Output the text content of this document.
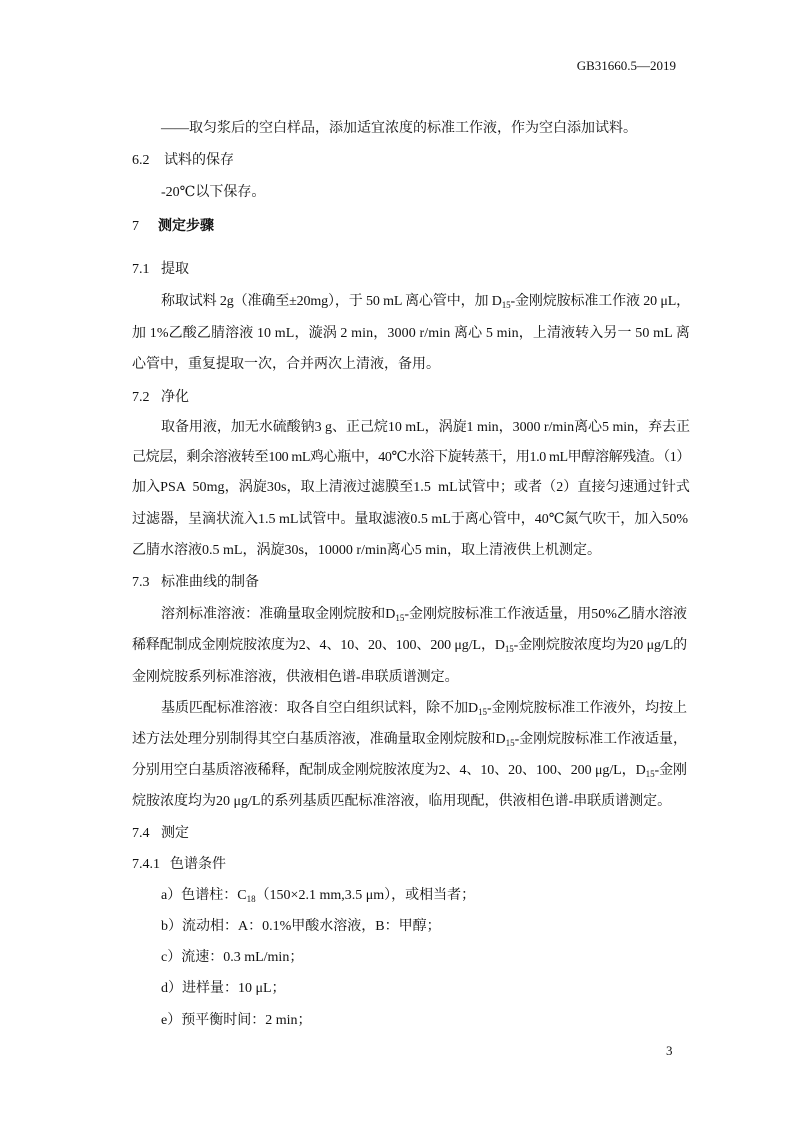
GB31660.5—2019

——取匀浆后的空白样品，添加适宜浓度的标准工作液，作为空白添加试料。

6.2 试料的保存

-20℃以下保存。

7 测定步骤

7.1 提取

称取试料 2g（准确至±20mg），于 50 mL 离心管中，加 $D_{15}-$金刚烷胺标准工作液 20 μL，

加 1%乙酸乙腈溶液 10 mL，漩涡 2 min，3000 r/min 离心 5 min，上清液转入另一 50 mL 离

心管中，重复提取一次，合并两次上清液，备用。

7.2 净化

取备用液，加无水硫酸钠3 g、正己烷10 mL，涡旋1 min，3000 r/min离心5 min，弃去正

己烷层，剩余溶液转至100 mL鸡心瓶中，40℃水浴下旋转蒸干，用1.0 mL甲醇溶解残渣。（1）

加入PSA  50mg，涡旋30s，取上清液过滤膜至1.5  mL试管中；或者（2）直接匀速通过针式

过滤器，呈滴状流入1.5 mL试管中。量取滤液0.5 mL于离心管中，40℃氮气吹干，加入50%

乙腈水溶液0.5 mL，涡旋30s，10000 r/min离心5 min，取上清液供上机测定。

7.3 标准曲线的制备

溶剂标准溶液：准确量取金刚烷胺和$D_{15}-$金刚烷胺标准工作液适量，用50%乙腈水溶液

稀释配制成金刚烷胺浓度为2、4、10、20、100、200 μg/L，$D_{15}-$金刚烷胺浓度均为20 μg/L的

金刚烷胺系列标准溶液，供液相色谱-串联质谱测定。

基质匹配标准溶液：取各自空白组织试料，除不加$D_{15}-$金刚烷胺标准工作液外，均按上

述方法处理分别制得其空白基质溶液，准确量取金刚烷胺和$D_{15}-$金刚烷胺标准工作液适量，

分别用空白基质溶液稀释，配制成金刚烷胺浓度为2、4、10、20、100、200 μg/L，$D_{15}-$金刚

烷胺浓度均为20 μg/L的系列基质匹配标准溶液，临用现配，供液相色谱-串联质谱测定。

7.4 测定

7.4.1 色谱条件

a）色谱柱：$C_{18}(150\times 2.1$ mm,3.5 μm），或相当者；

b）流动相：A：0.1%甲酸水溶液，B：甲醇；

c）流速：0.3 mL/min；

d）进样量：10 μL；

e）预平衡时间：2 min；

3
